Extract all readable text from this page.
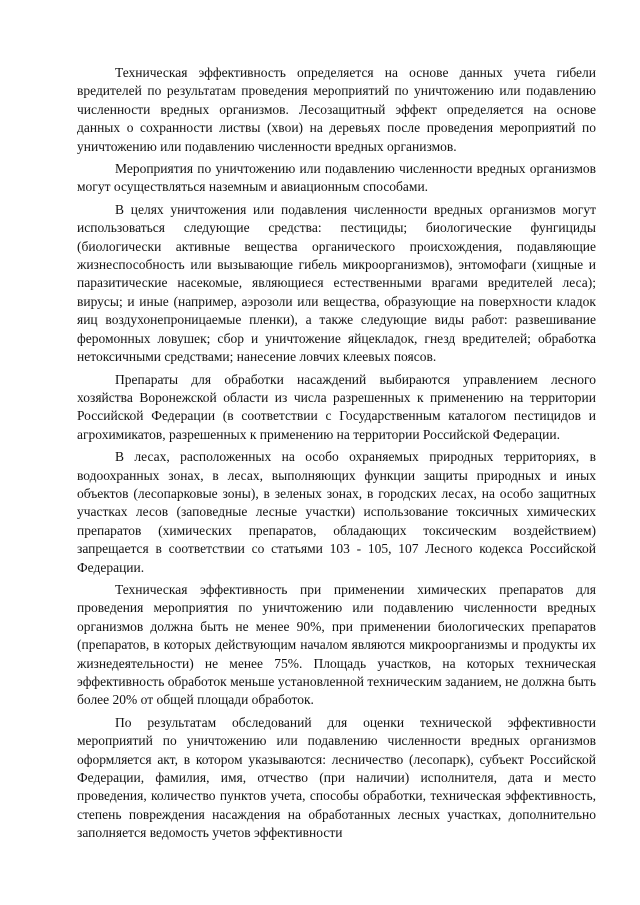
Техническая эффективность определяется на основе данных учета гибели вредителей по результатам проведения мероприятий по уничтожению или подавлению численности вредных организмов. Лесозащитный эффект определяется на основе данных о сохранности листвы (хвои) на деревьях после проведения мероприятий по уничтожению или подавлению численности вредных организмов.

Мероприятия по уничтожению или подавлению численности вредных организмов могут осуществляться наземным и авиационным способами.

В целях уничтожения или подавления численности вредных организмов могут использоваться следующие средства: пестициды; биологические фунгициды (биологически активные вещества органического происхождения, подавляющие жизнеспособность или вызывающие гибель микроорганизмов), энтомофаги (хищные и паразитические насекомые, являющиеся естественными врагами вредителей леса); вирусы; и иные (например, аэрозоли или вещества, образующие на поверхности кладок яиц воздухонепроницаемые пленки), а также следующие виды работ: развешивание феромонных ловушек; сбор и уничтожение яйцекладок, гнезд вредителей; обработка нетоксичными средствами; нанесение ловчих клеевых поясов.

Препараты для обработки насаждений выбираются управлением лесного хозяйства Воронежской области из числа разрешенных к применению на территории Российской Федерации (в соответствии с Государственным каталогом пестицидов и агрохимикатов, разрешенных к применению на территории Российской Федерации.

В лесах, расположенных на особо охраняемых природных территориях, в водоохранных зонах, в лесах, выполняющих функции защиты природных и иных объектов (лесопарковые зоны), в зеленых зонах, в городских лесах, на особо защитных участках лесов (заповедные лесные участки) использование токсичных химических препаратов (химических препаратов, обладающих токсическим воздействием) запрещается в соответствии со статьями 103 - 105, 107 Лесного кодекса Российской Федерации.

Техническая эффективность при применении химических препаратов для проведения мероприятия по уничтожению или подавлению численности вредных организмов должна быть не менее 90%, при применении биологических препаратов (препаратов, в которых действующим началом являются микроорганизмы и продукты их жизнедеятельности) не менее 75%. Площадь участков, на которых техническая эффективность обработок меньше установленной техническим заданием, не должна быть более 20% от общей площади обработок.

По результатам обследований для оценки технической эффективности мероприятий по уничтожению или подавлению численности вредных организмов оформляется акт, в котором указываются: лесничество (лесопарк), субъект Российской Федерации, фамилия, имя, отчество (при наличии) исполнителя, дата и место проведения, количество пунктов учета, способы обработки, техническая эффективность, степень повреждения насаждения на обработанных лесных участках, дополнительно заполняется ведомость учетов эффективности
